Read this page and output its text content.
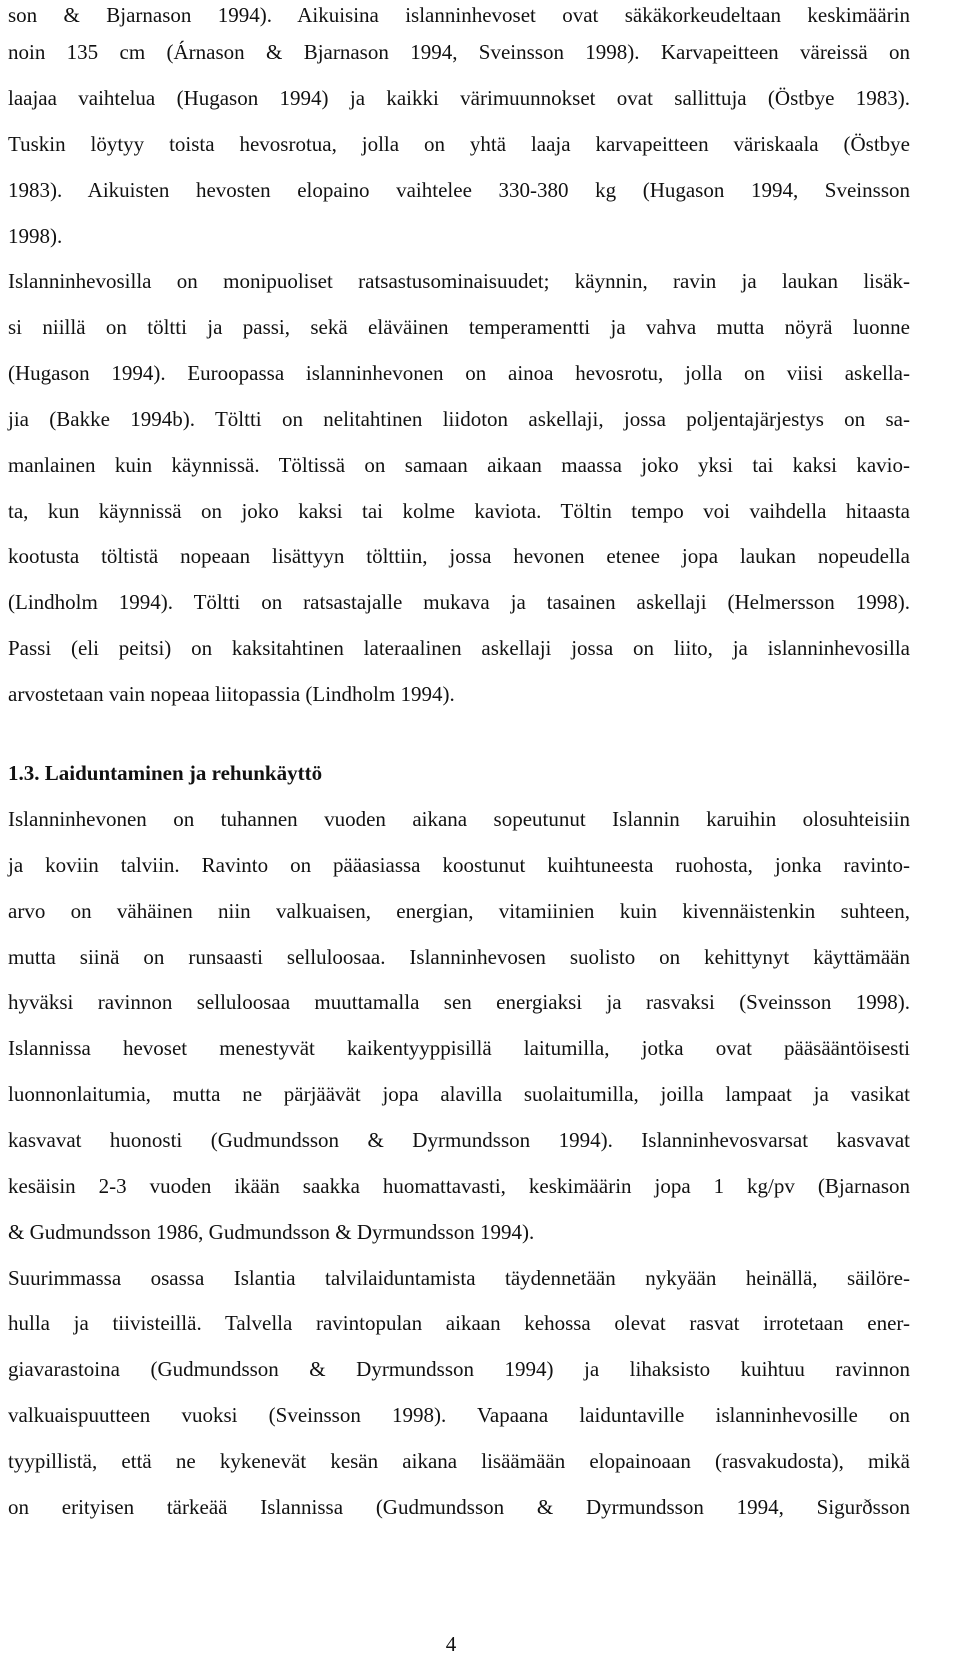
son & Bjarnason 1994). Aikuisina islanninhevoset ovat säkäkorkeudeltaan keskimäärin
noin 135 cm (Árnason & Bjarnason 1994, Sveinsson 1998). Karvapeitteen väreissä on
laajaa vaihtelua (Hugason 1994) ja kaikki värimuunnokset ovat sallittuja (Östbye 1983).
Tuskin löytyy toista hevosrotua, jolla on yhtä laaja karvapeitteen väriskaala (Östbye
1983). Aikuisten hevosten elopaino vaihtelee 330-380 kg (Hugason 1994, Sveinsson
1998).
Islanninhevosilla on monipuoliset ratsastusominaisuudet; käynnin, ravin ja laukan lisäk-
si niillä on töltti ja passi, sekä eläväinen temperamentti ja vahva mutta nöyrä luonne
(Hugason 1994). Euroopassa islanninhevonen on ainoa hevosrotu, jolla on viisi askella-
jia (Bakke 1994b). Töltti on nelitahtinen liidoton askellaji, jossa poljentajärjestys on sa-
manlainen kuin käynnissä. Töltissä on samaan aikaan maassa joko yksi tai kaksi kavio-
ta, kun käynnissä on joko kaksi tai kolme kaviota. Töltin tempo voi vaihdella hitaasta
kootusta töltistä nopeaan lisättyyn tölttiin, jossa hevonen etenee jopa laukan nopeudella
(Lindholm 1994). Töltti on ratsastajalle mukava ja tasainen askellaji (Helmersson 1998).
Passi (eli peitsi) on kaksitahtinen lateraalinen askellaji jossa on liito, ja islanninhevosilla
arvostetaan vain nopeaa liitopassia (Lindholm 1994).
1.3. Laiduntaminen ja rehunkäyttö
Islanninhevonen on tuhannen vuoden aikana sopeutunut Islannin karuihin olosuhteisiin
ja koviin talviin. Ravinto on pääasiassa koostunut kuihtuneesta ruohosta, jonka ravinto-
arvo on vähäinen niin valkuaisen, energian, vitamiinien kuin kivennäistenkin suhteen,
mutta siinä on runsaasti selluloosaa. Islanninhevosen suolisto on kehittynyt käyttämään
hyväksi ravinnon selluloosaa muuttamalla sen energiaksi ja rasvaksi (Sveinsson 1998).
Islannissa hevoset menestyvät kaikentyyppisillä laitumilla, jotka ovat pääsääntöisesti
luonnonlaitumia, mutta ne pärjäävät jopa alavilla suolaitumilla, joilla lampaat ja vasikat
kasvavat huonosti (Gudmundsson & Dyrmundsson 1994). Islanninhevosvarsat kasvavat
kesäisin 2-3 vuoden ikään saakka huomattavasti, keskimäärin jopa 1 kg/pv (Bjarnason
& Gudmundsson 1986, Gudmundsson & Dyrmundsson 1994).
Suurimmassa osassa Islantia talvilaiduntamista täydennetään nykyään heinällä, säilöre-
hulla ja tiivisteillä. Talvella ravintopulan aikaan kehossa olevat rasvat irrotetaan ener-
giavarastoina (Gudmundsson & Dyrmundsson 1994) ja lihaksisto kuihtuu ravinnon
valkuaispuutteen vuoksi (Sveinsson 1998). Vapaana laiduntaville islanninhevosille on
tyypillistä, että ne kykenevät kesän aikana lisäämään elopainoaan (rasvakudosta), mikä
on erityisen tärkeää Islannissa (Gudmundsson & Dyrmundsson 1994, Sigurðsson
4
